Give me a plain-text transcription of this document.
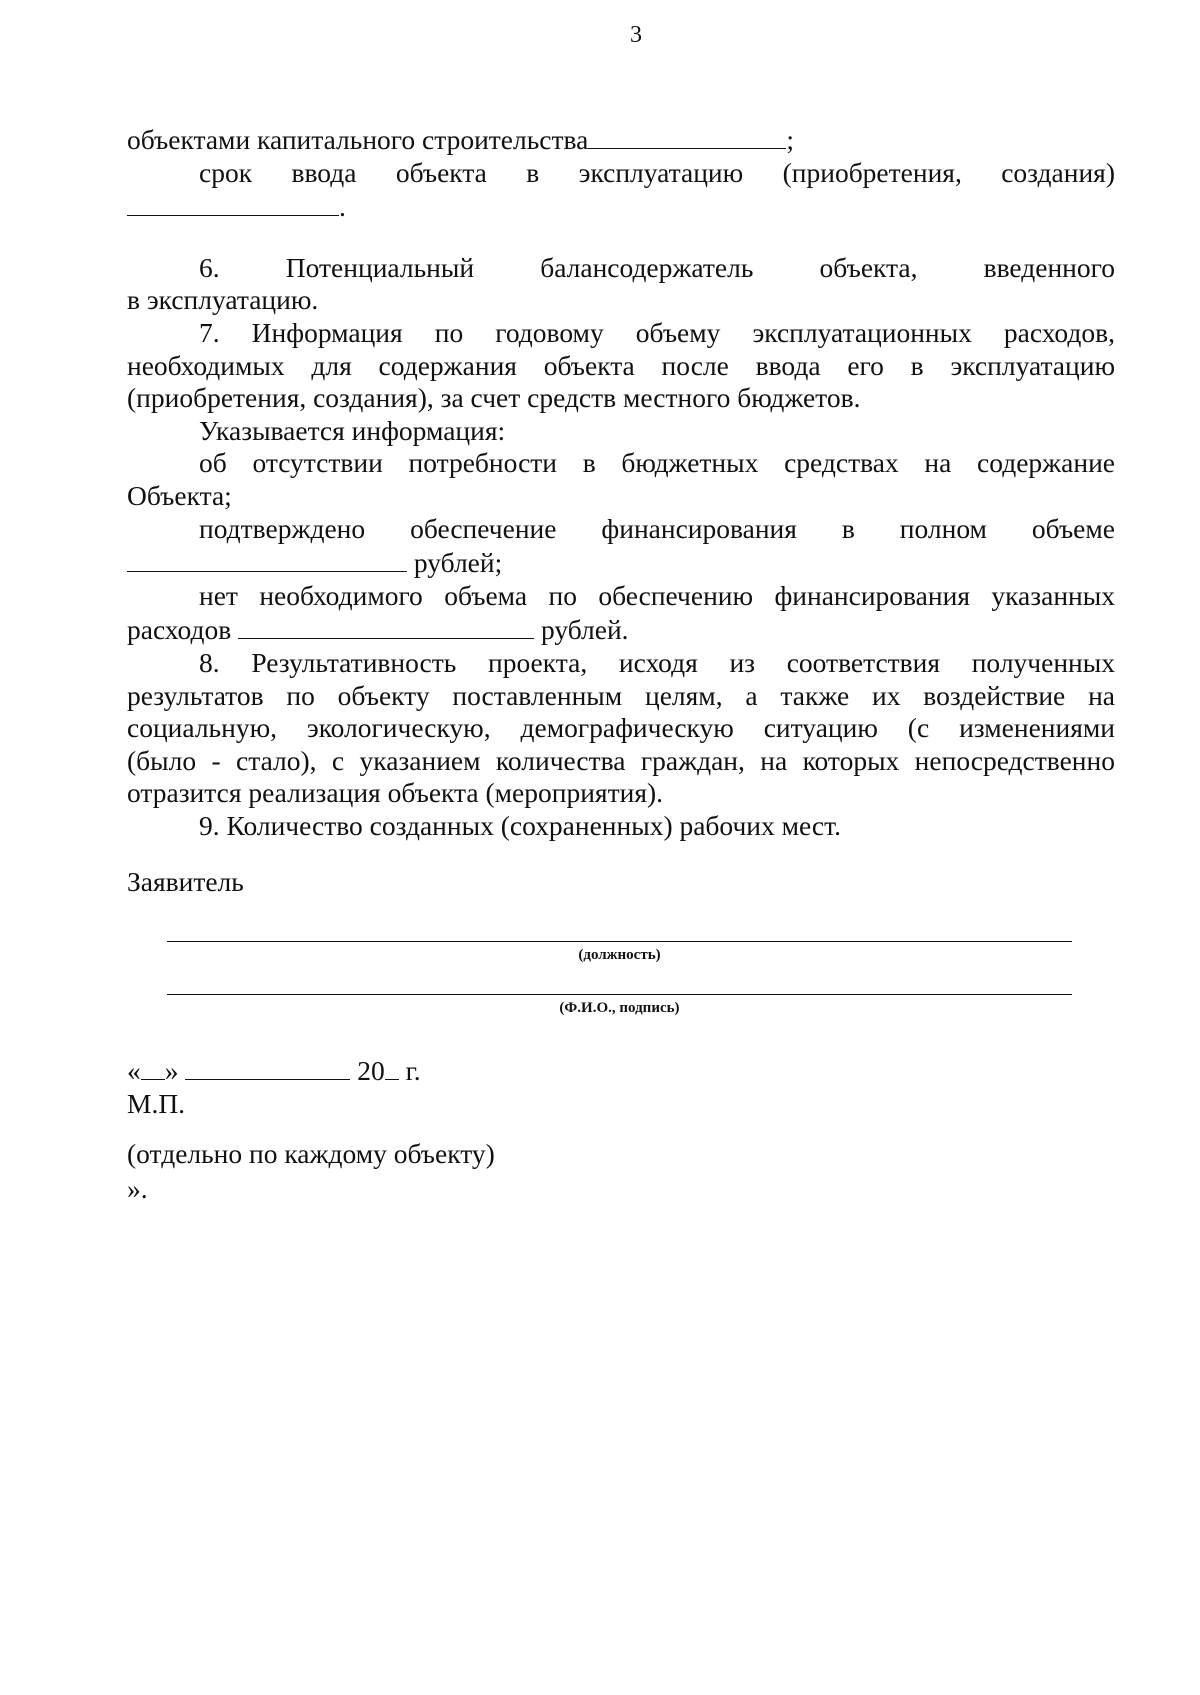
3

объектами капитального строительства	;

срок ввода объекта в эксплуатацию (приобретения, создания)

.

6. Потенциальный балансодержатель объекта, введенного

в эксплуатацию.

7. Информация по годовому объему эксплуатационных расходов,

необходимых для содержания объекта после ввода его в эксплуатацию

(приобретения, создания), за счет средств местного бюджетов.

Указывается информация:

об отсутствии потребности в бюджетных средствах на содержание

Объекта;

подтверждено обеспечение финансирования в полном объеме

рублей;

нет необходимого объема по обеспечению финансирования указанных

расходов	рублей.

8. Результативность проекта, исходя из соответствия полученных

результатов по объекту поставленным целям, а также их воздействие на

социальную, экологическую, демографическую ситуацию (с изменениями

(было - стало), с указанием количества граждан, на которых непосредственно

отразится реализация объекта (мероприятия).

9. Количество созданных (сохраненных) рабочих мест.

Заявитель

(должность)
(Ф.И.О., подпись)

« »	20 г.

М.П.

(отдельно по каждому объекту)

».
